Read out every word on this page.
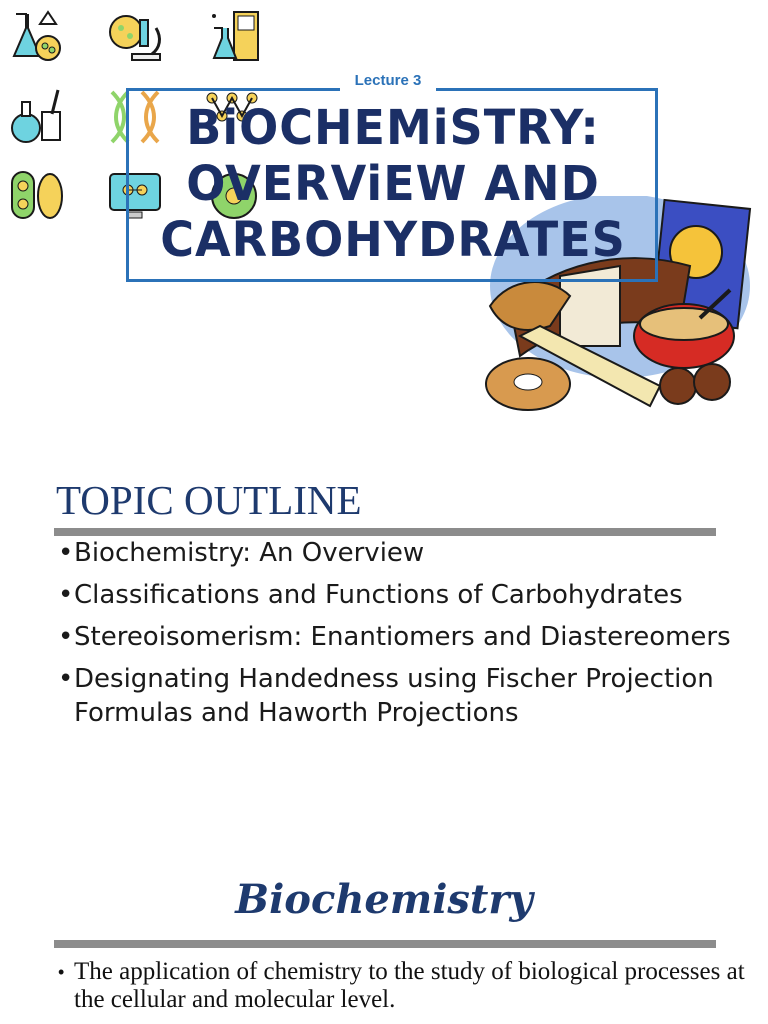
Lecture 3
BiOCHEMiSTRY:
OVERViEW AND
CARBOHYDRATES
TOPIC OUTLINE
• Biochemistry: An Overview
• Classifications and Functions of Carbohydrates
• Stereoisomerism: Enantiomers and Diastereomers
• Designating Handedness using Fischer Projection Formulas and Haworth Projections
Biochemistry
• The application of chemistry to the study of biological processes at the cellular and molecular level.
